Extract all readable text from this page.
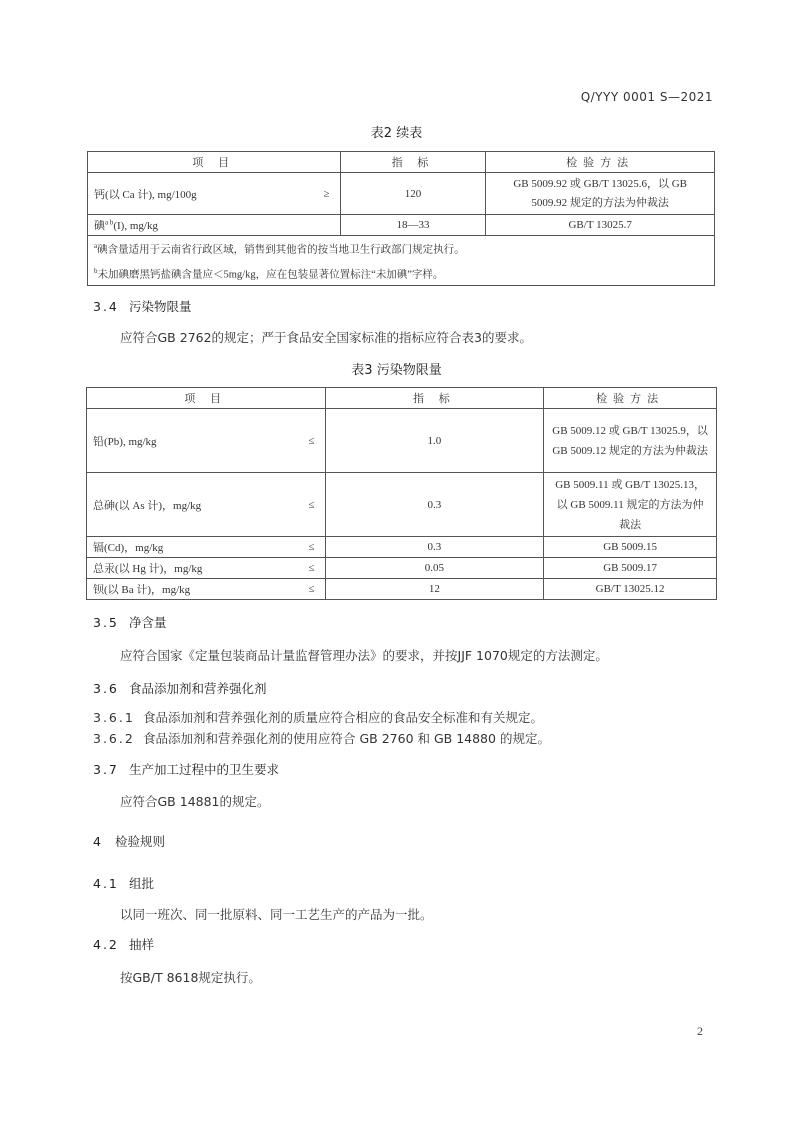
Q/YYY 0001 S—2021
表2 续表
项 目	指 标	检验方法
钙(以 Ca 计), mg/100g ≥	120	GB 5009.92 或 GB/T 13025.6，以 GB 5009.92 规定的方法为仲裁法
碘$^{a b}$(I), mg/kg	18—33	GB/T 13025.7

$^a$碘含量适用于云南省行政区域，销售到其他省的按当地卫生行政部门规定执行。
$^b$未加碘磨黑钙盐碘含量应＜5mg/kg，应在包装显著位置标注“未加碘”字样。		
3.4 污染物限量
应符合GB 2762的规定；严于食品安全国家标准的指标应符合表3的要求。
表3 污染物限量
项 目	指 标	检验方法
铅(Pb), mg/kg ≤	1.0	GB 5009.12 或 GB/T 13025.9，以 GB 5009.12 规定的方法为仲裁法
总砷(以 As 计)，mg/kg ≤	0.3	GB 5009.11 或 GB/T 13025.13，以 GB 5009.11 规定的方法为仲裁法
镉(Cd)，mg/kg ≤	0.3	GB 5009.15
总汞(以 Hg 计)，mg/kg ≤	0.05	GB 5009.17
钡(以 Ba 计)，mg/kg ≤	12	GB/T 13025.12
3.5 净含量
应符合国家《定量包装商品计量监督管理办法》的要求，并按JJF 1070规定的方法测定。
3.6 食品添加剂和营养强化剂
3.6.1 食品添加剂和营养强化剂的质量应符合相应的食品安全标准和有关规定。
3.6.2 食品添加剂和营养强化剂的使用应符合 GB 2760 和 GB 14880 的规定。
3.7 生产加工过程中的卫生要求
应符合GB 14881的规定。
4 检验规则
4.1 组批
以同一班次、同一批原料、同一工艺生产的产品为一批。
4.2 抽样
按GB/T 8618规定执行。
2
